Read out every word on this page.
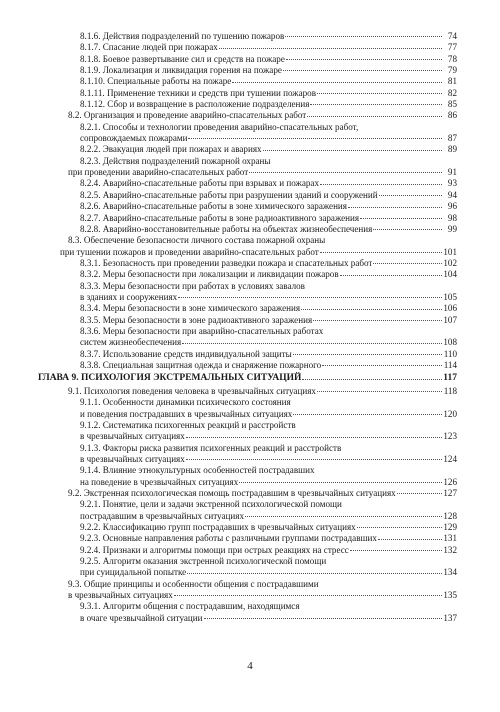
8.1.6. Действия подразделений по тушению пожаров	74
8.1.7. Спасание людей при пожарах	77
8.1.8. Боевое развертывание сил и средств на пожаре	78
8.1.9. Локализация и ликвидация горения на пожаре	79
8.1.10. Специальные работы на пожаре	81
8.1.11. Применение техники и средств при тушении пожаров	82
8.1.12. Сбор и возвращение в расположение подразделения	85
8.2. Организация и проведение аварийно-спасательных работ	86
8.2.1. Способы и технологии проведения аварийно-спасательных работ,
сопровождаемых пожарами	87
8.2.2. Эвакуация людей при пожарах и авариях	89
8.2.3. Действия подразделений пожарной охраны
при проведении аварийно-спасательных работ	91
8.2.4. Аварийно-спасательные работы при взрывах и пожарах	93
8.2.5. Аварийно-спасательные работы при разрушении зданий и сооружений	94
8.2.6. Аварийно-спасательные работы в зоне химического заражения	96
8.2.7. Аварийно-спасательные работы в зоне радиоактивного заражения	98
8.2.8. Аварийно-восстановительные работы на объектах жизнеобеспечения	99
8.3. Обеспечение безопасности личного состава пожарной охраны
при тушении пожаров и проведении аварийно-спасательных работ	101
8.3.1. Безопасность при проведении разведки пожара и спасательных работ	102
8.3.2. Меры безопасности при локализации и ликвидации пожаров	104
8.3.3. Меры безопасности при работах в условиях завалов
в зданиях и сооружениях	105
8.3.4. Меры безопасности в зоне химического заражения	106
8.3.5. Меры безопасности в зоне радиоактивного заражения	107
8.3.6. Меры безопасности при аварийно-спасательных работах
систем жизнеобеспечения	108
8.3.7. Использование средств индивидуальной защиты	110
8.3.8. Специальная защитная одежда и снаряжение пожарного	114
ГЛАВА 9. ПСИХОЛОГИЯ ЭКСТРЕМАЛЬНЫХ СИТУАЦИЙ	117
9.1. Психология поведения человека в чрезвычайных ситуациях	118
9.1.1. Особенности динамики психического состояния
и поведения пострадавших в чрезвычайных ситуациях	120
9.1.2. Систематика психогенных реакций и расстройств
в чрезвычайных ситуациях	123
9.1.3. Факторы риска развития психогенных реакций и расстройств
в чрезвычайных ситуациях	124
9.1.4. Влияние этнокультурных особенностей пострадавших
на поведение в чрезвычайных ситуациях	126
9.2. Экстренная психологическая помощь пострадавшим в чрезвычайных ситуациях	127
9.2.1. Понятие, цели и задачи экстренной психологической помощи
пострадавшим в чрезвычайных ситуациях	128
9.2.2. Классификацию групп пострадавших в чрезвычайных ситуациях	129
9.2.3. Основные направления работы с различными группами пострадавших	131
9.2.4. Признаки и алгоритмы помощи при острых реакциях на стресс	132
9.2.5. Алгоритм оказания экстренной психологической помощи
при суицидальной попытке	134
9.3. Общие принципы и особенности общения с пострадавшими
в чрезвычайных ситуациях	135
9.3.1. Алгоритм общения с пострадавшим, находящимся
в очаге чрезвычайной ситуации	137
4
